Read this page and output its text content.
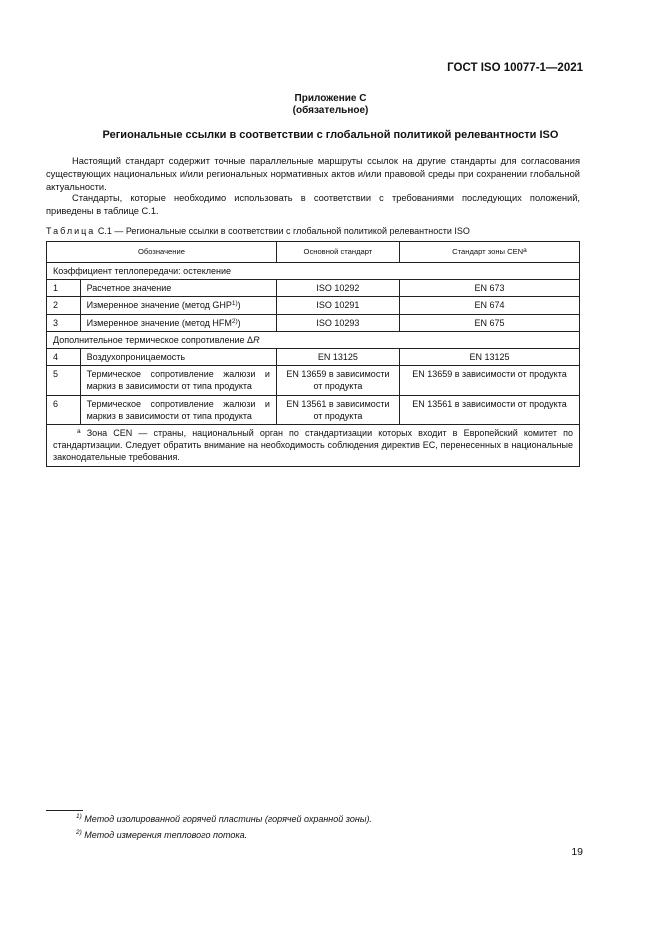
ГОСТ ISO 10077-1—2021
Приложение С
(обязательное)
Региональные ссылки в соответствии с глобальной политикой релевантности ISO

Настоящий стандарт содержит точные параллельные маршруты ссылок на другие стандарты для согласования существующих национальных и/или региональных нормативных актов и/или правовой среды при сохранении глобальной актуальности.

Стандарты, которые необходимо использовать в соответствии с требованиями последующих положений, приведены в таблице С.1.

Таблица С.1 — Региональные ссылки в соответствии с глобальной политикой релевантности ISO
Обозначение		Основной стандарт	Стандарт зоны $CEN^а$
Коэффициент теплопередачи: остекление			
1	Расчетное значение	ISO 10292	EN 673
2	Измеренное значение (метод GHP$^{1)}$)	ISO 10291	EN 674
3	Измеренное значение (метод HFM$^{2)}$)	ISO 10293	EN 675
Дополнительное термическое сопротивление ΔR			
4	Воздухопроницаемость	EN 13125	EN 13125
5	Термическое сопротивление жалюзи и маркиз в зависимости от типа продукта	EN 13659 в зависимости от продукта	EN 13659 в зависимости от продукта
6	Термическое сопротивление жалюзи и маркиз в зависимости от типа продукта	EN 13561 в зависимости от продукта	EN 13561 в зависимости от продукта
$^а$ Зона CEN — страны, национальный орган по стандартизации которых входит в Европейский комитет по стандартизации. Следует обратить внимание на необходимость соблюдения директив ЕС, перенесенных в национальные законодательные требования.			
$^{1)}$ Метод изолированной горячей пластины (горячей охранной зоны).
$^{2)}$ Метод измерения теплового потока.
19
